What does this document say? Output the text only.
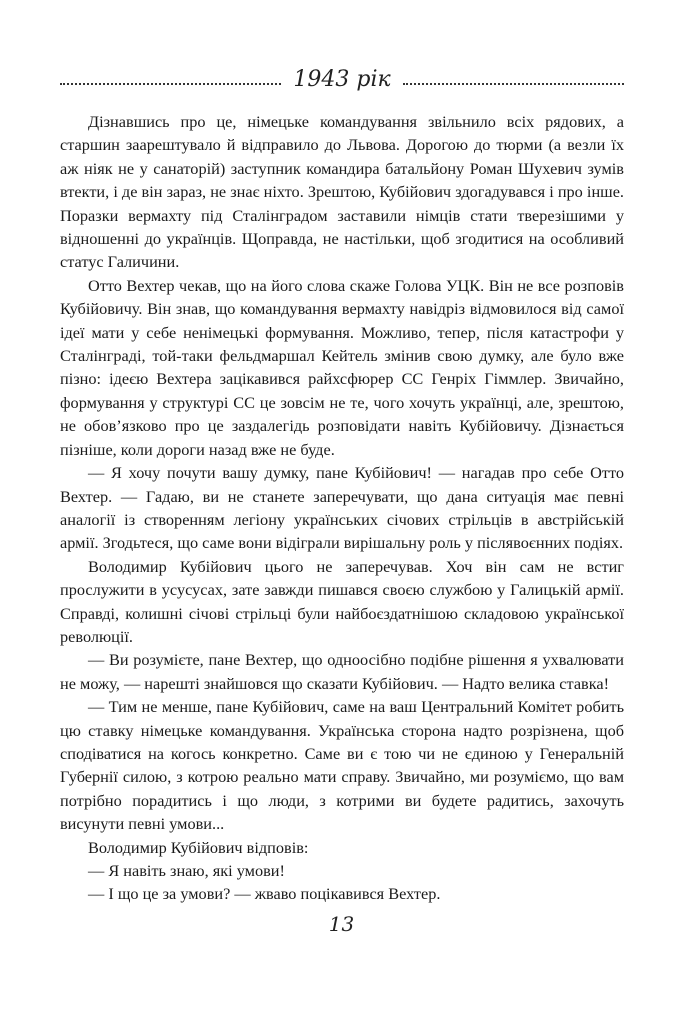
1943 рік

Дізнавшись про це, німецьке командування звільнило всіх рядових, а старшин заарештувало й відправило до Львова. Дорогою до тюрми (а везли їх аж ніяк не у санаторій) заступник командира батальйону Роман Шухевич зумів втекти, і де він зараз, не знає ніхто. Зрештою, Кубійович здогадувався і про інше. Поразки вермахту під Сталінградом заставили німців стати тверезішими у відношенні до українців. Щоправда, не настільки, щоб згодитися на особливий статус Галичини.

Отто Вехтер чекав, що на його слова скаже Голова УЦК. Він не все розповів Кубійовичу. Він знав, що командування вермахту навідріз відмовилося від самої ідеї мати у себе ненімецькі формування. Можливо, тепер, після катастрофи у Сталінграді, той-таки фельдмаршал Кейтель змінив свою думку, але було вже пізно: ідеєю Вехтера зацікавився райхсфюрер СС Генріх Гіммлер. Звичайно, формування у структурі СС це зовсім не те, чого хочуть українці, але, зрештою, не обов’язково про це заздалегідь розповідати навіть Кубійовичу. Дізнається пізніше, коли дороги назад вже не буде.

— Я хочу почути вашу думку, пане Кубійович! — нагадав про себе Отто Вехтер. — Гадаю, ви не станете заперечувати, що дана ситуація має певні аналогії із створенням легіону українських січових стрільців в австрійській армії. Згодьтеся, що саме вони відіграли вирішальну роль у післявоєнних подіях.

Володимир Кубійович цього не заперечував. Хоч він сам не встиг прослужити в усусусах, зате завжди пишався своєю службою у Галицькій армії. Справді, колишні січові стрільці були найбоєздатнішою складовою української революції.

— Ви розумієте, пане Вехтер, що одноосібно подібне рішення я ухвалювати не можу, — нарешті знайшовся що сказати Кубійович. — Надто велика ставка!

— Тим не менше, пане Кубійович, саме на ваш Центральний Комітет робить цю ставку німецьке командування. Українська сторона надто розрізнена, щоб сподіватися на когось конкретно. Саме ви є тою чи не єдиною у Генеральній Губернії силою, з котрою реально мати справу. Звичайно, ми розуміємо, що вам потрібно порадитись і що люди, з котрими ви будете радитись, захочуть висунути певні умови...

Володимир Кубійович відповів:

— Я навіть знаю, які умови!

— І що це за умови? — жваво поцікавився Вехтер.

13
